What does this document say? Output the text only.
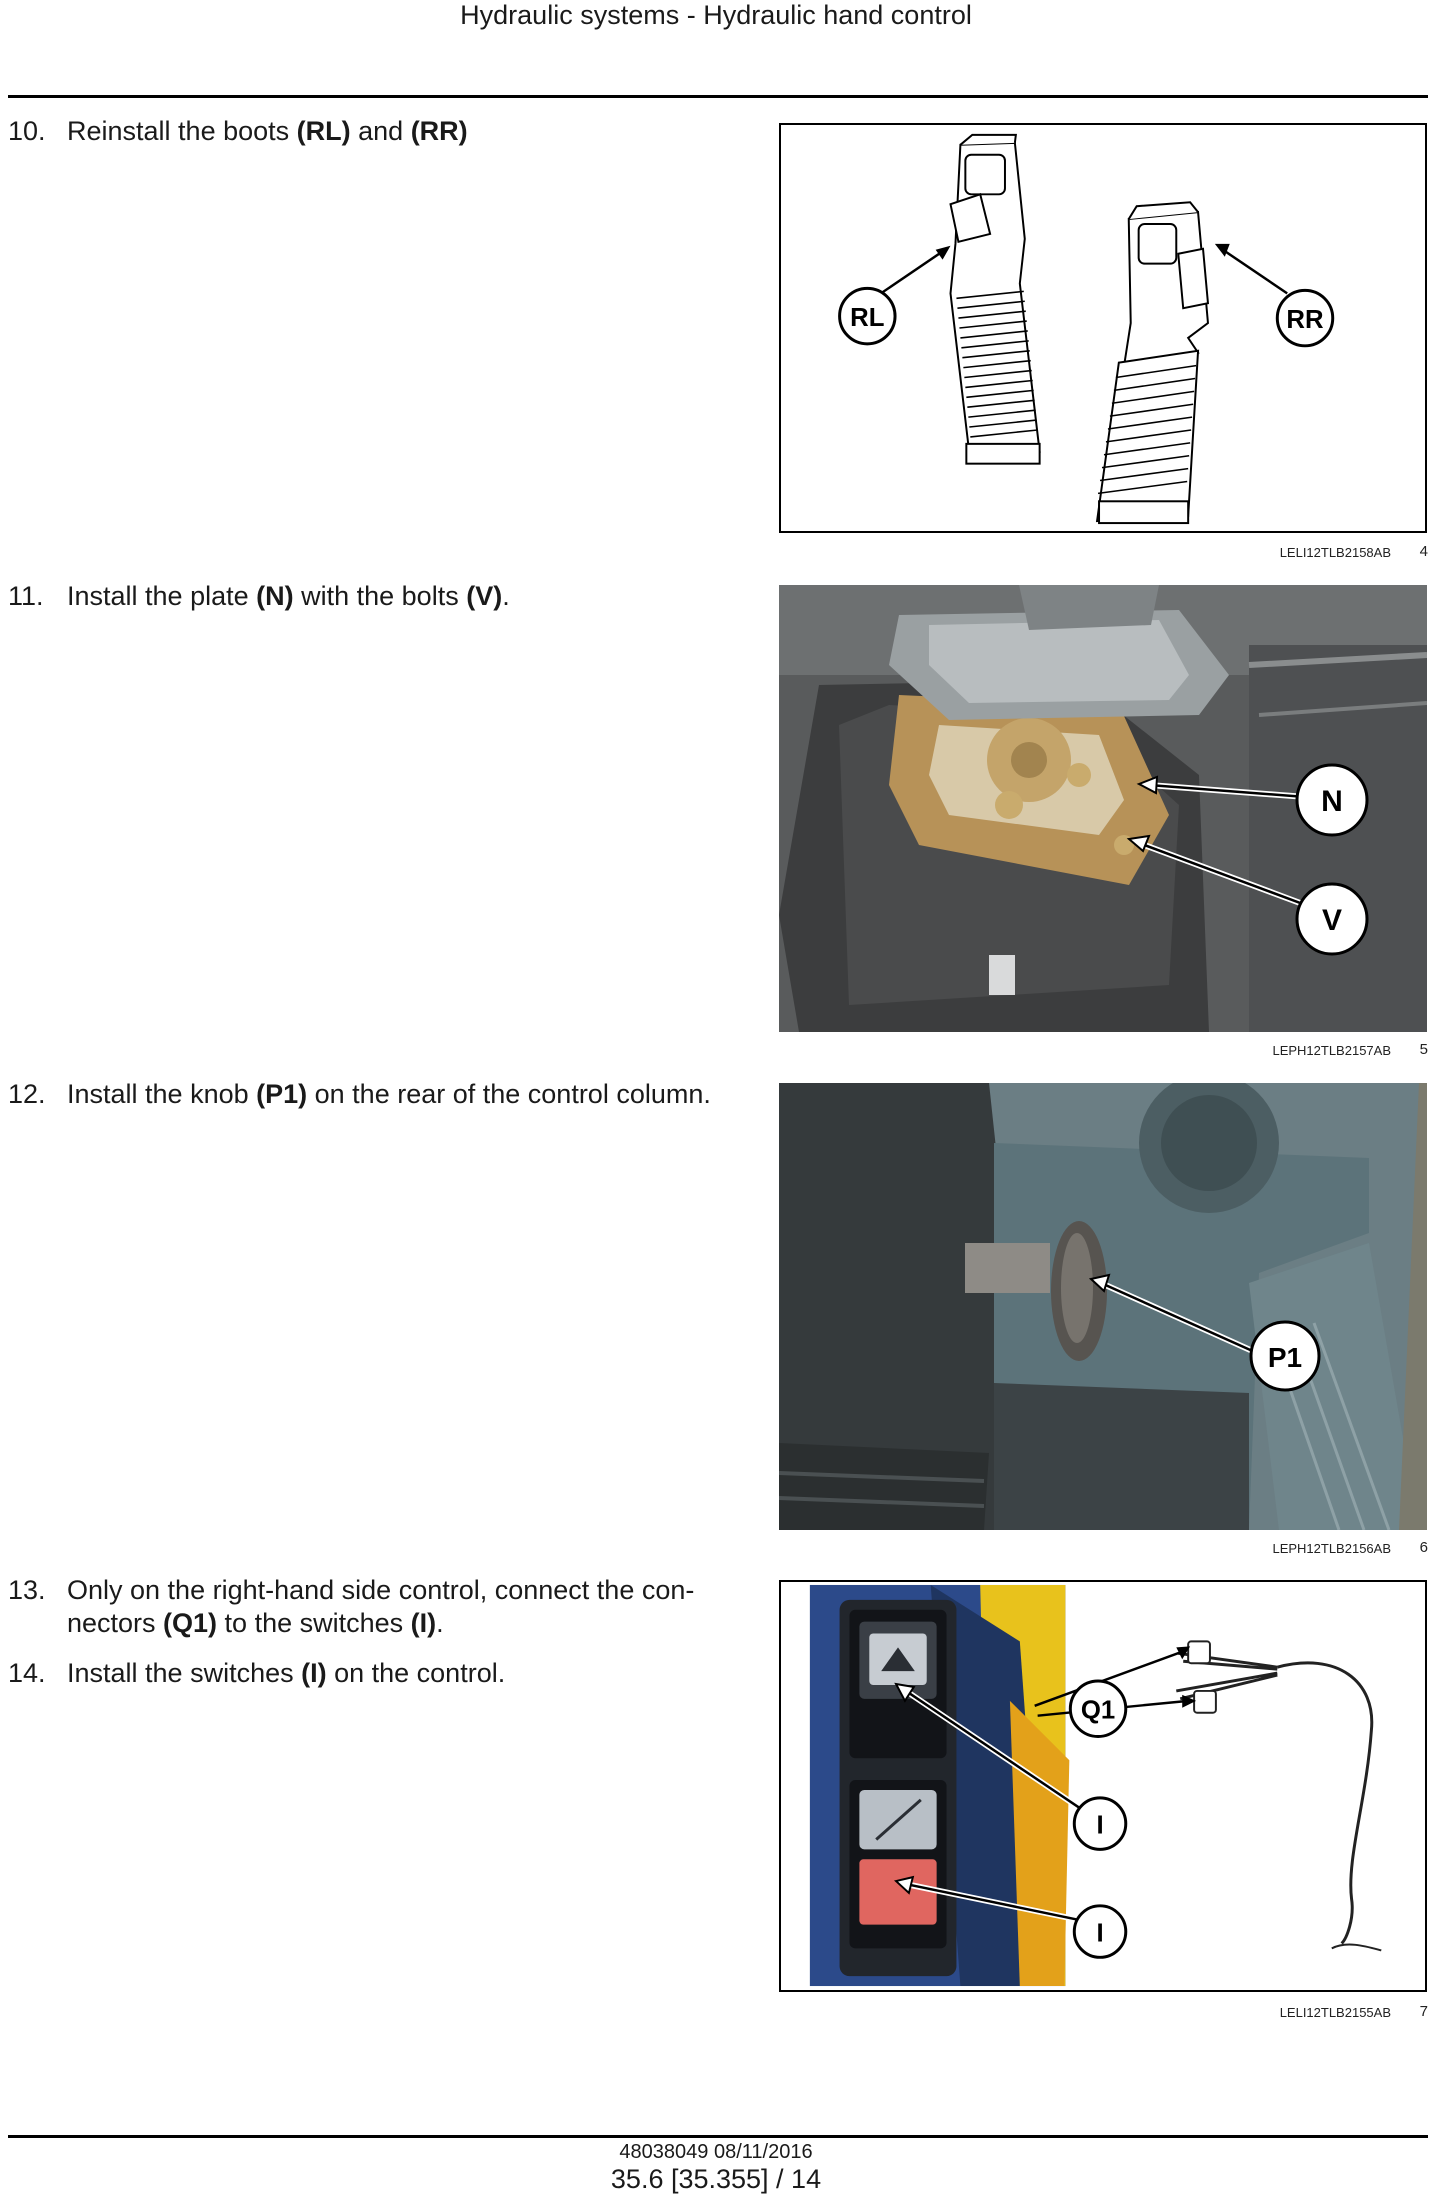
Hydraulic systems - Hydraulic hand control
10. Reinstall the boots (RL) and (RR)
RL	RR
LELI12TLB2158AB 4
11. Install the plate (N) with the bolts (V).
N
V
LEPH12TLB2157AB 5
12. Install the knob (P1) on the rear of the control column.
P1
LEPH12TLB2156AB 6
13. Only on the right-hand side control, connect the con-
nectors (Q1) to the switches (I).
14. Install the switches (I) on the control.
Q1
I
I
LELI12TLB2155AB 7
48038049 08/11/2016
35.6 [35.355] / 14
